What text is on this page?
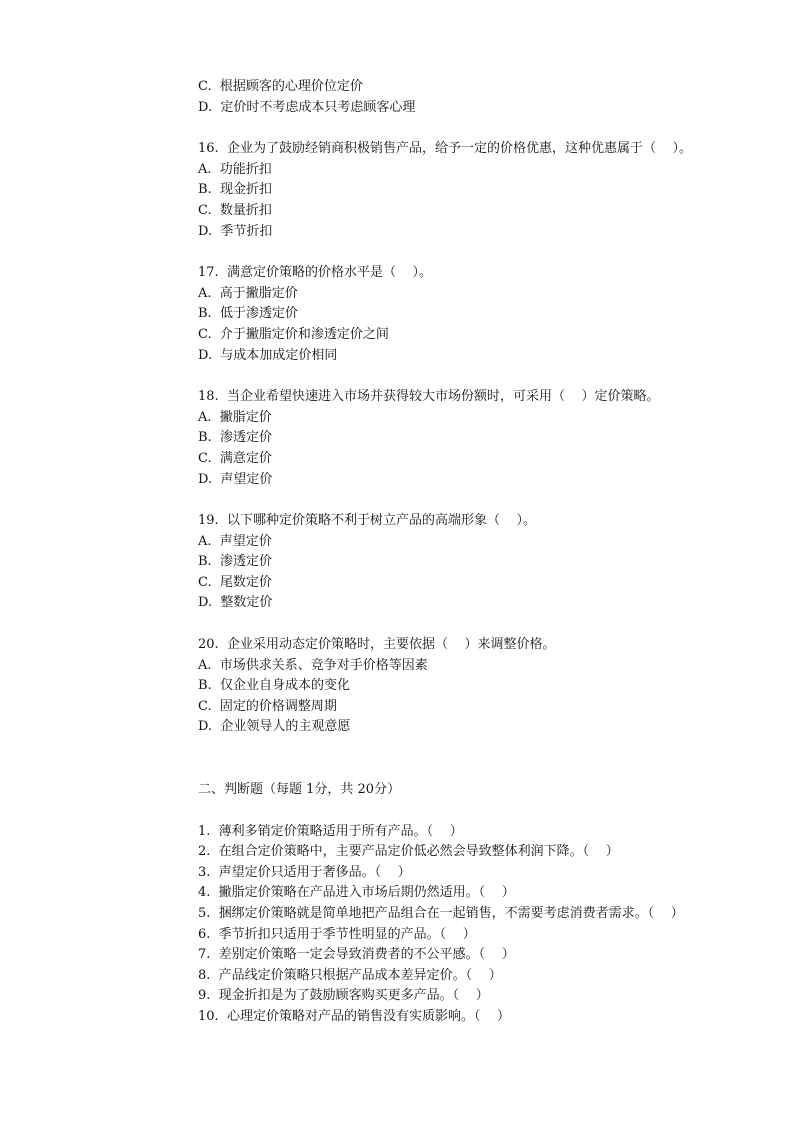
C.  根据顾客的心理价位定价
D.  定价时不考虑成本只考虑顾客心理
16.  企业为了鼓励经销商积极销售产品，给予一定的价格优惠，这种优惠属于（    ）。
A.  功能折扣
B.  现金折扣
C.  数量折扣
D.  季节折扣
17.  满意定价策略的价格水平是（    ）。
A.  高于撇脂定价
B.  低于渗透定价
C.  介于撇脂定价和渗透定价之间
D.  与成本加成定价相同
18.  当企业希望快速进入市场并获得较大市场份额时，可采用（    ）定价策略。
A.  撇脂定价
B.  渗透定价
C.  满意定价
D.  声望定价
19.  以下哪种定价策略不利于树立产品的高端形象（    ）。
A.  声望定价
B.  渗透定价
C.  尾数定价
D.  整数定价
20.  企业采用动态定价策略时，主要依据（    ）来调整价格。
A.  市场供求关系、竞争对手价格等因素
B.  仅企业自身成本的变化
C.  固定的价格调整周期
D.  企业领导人的主观意愿
二、判断题（每题 1分，共 20分）
1.  薄利多销定价策略适用于所有产品。（    ）
2.  在组合定价策略中，主要产品定价低必然会导致整体利润下降。（    ）
3.  声望定价只适用于奢侈品。（    ）
4.  撇脂定价策略在产品进入市场后期仍然适用。（    ）
5.  捆绑定价策略就是简单地把产品组合在一起销售，不需要考虑消费者需求。（    ）
6.  季节折扣只适用于季节性明显的产品。（    ）
7.  差别定价策略一定会导致消费者的不公平感。（    ）
8.  产品线定价策略只根据产品成本差异定价。（    ）
9.  现金折扣是为了鼓励顾客购买更多产品。（    ）
10.  心理定价策略对产品的销售没有实质影响。（    ）
